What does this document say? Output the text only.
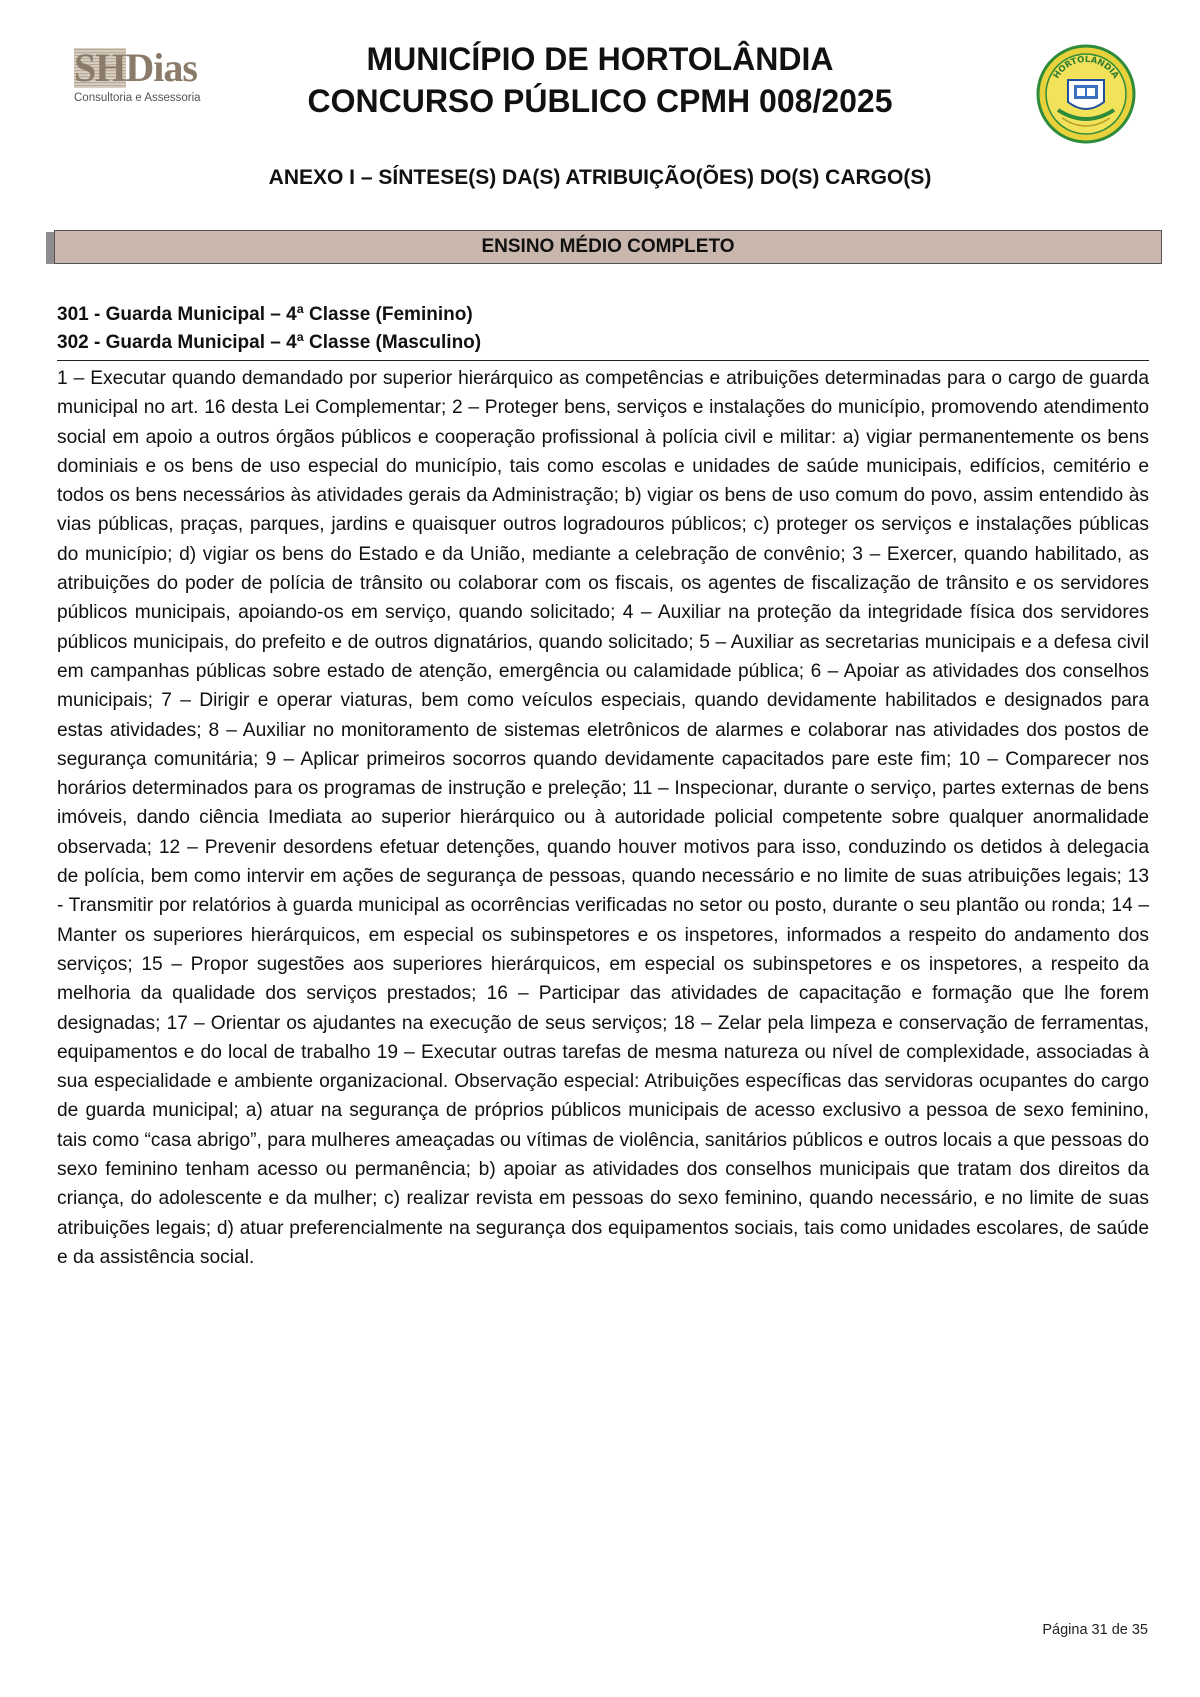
SHDias
Consultoria e Assessoria
MUNICÍPIO DE HORTOLÂNDIA
CONCURSO PÚBLICO CPMH 008/2025
HORTOLÂNDIA
ANEXO I – SÍNTESE(S) DA(S) ATRIBUIÇÃO(ÕES) DO(S) CARGO(S)
ENSINO MÉDIO COMPLETO
301 - Guarda Municipal – 4ª Classe (Feminino)
302 - Guarda Municipal – 4ª Classe (Masculino)
1 – Executar quando demandado por superior hierárquico as competências e atribuições determinadas para o cargo de guarda municipal no art. 16 desta Lei Complementar; 2 – Proteger bens, serviços e instalações do município, promovendo atendimento social em apoio a outros órgãos públicos e cooperação profissional à polícia civil e militar: a) vigiar permanentemente os bens dominiais e os bens de uso especial do município, tais como escolas e unidades de saúde municipais, edifícios, cemitério e todos os bens necessários às atividades gerais da Administração; b) vigiar os bens de uso comum do povo, assim entendido às vias públicas, praças, parques, jardins e quaisquer outros logradouros públicos; c) proteger os serviços e instalações públicas do município; d) vigiar os bens do Estado e da União, mediante a celebração de convênio; 3 – Exercer, quando habilitado, as atribuições do poder de polícia de trânsito ou colaborar com os fiscais, os agentes de fiscalização de trânsito e os servidores públicos municipais, apoiando-os em serviço, quando solicitado; 4 – Auxiliar na proteção da integridade física dos servidores públicos municipais, do prefeito e de outros dignatários, quando solicitado; 5 – Auxiliar as secretarias municipais e a defesa civil em campanhas públicas sobre estado de atenção, emergência ou calamidade pública; 6 – Apoiar as atividades dos conselhos municipais; 7 – Dirigir e operar viaturas, bem como veículos especiais, quando devidamente habilitados e designados para estas atividades; 8 – Auxiliar no monitoramento de sistemas eletrônicos de alarmes e colaborar nas atividades dos postos de segurança comunitária; 9 – Aplicar primeiros socorros quando devidamente capacitados pare este fim; 10 – Comparecer nos horários determinados para os programas de instrução e preleção; 11 – Inspecionar, durante o serviço, partes externas de bens imóveis, dando ciência Imediata ao superior hierárquico ou à autoridade policial competente sobre qualquer anormalidade observada; 12 – Prevenir desordens efetuar detenções, quando houver motivos para isso, conduzindo os detidos à delegacia de polícia, bem como intervir em ações de segurança de pessoas, quando necessário e no limite de suas atribuições legais; 13 - Transmitir por relatórios à guarda municipal as ocorrências verificadas no setor ou posto, durante o seu plantão ou ronda; 14 – Manter os superiores hierárquicos, em especial os subinspetores e os inspetores, informados a respeito do andamento dos serviços; 15 – Propor sugestões aos superiores hierárquicos, em especial os subinspetores e os inspetores, a respeito da melhoria da qualidade dos serviços prestados; 16 – Participar das atividades de capacitação e formação que lhe forem designadas; 17 – Orientar os ajudantes na execução de seus serviços; 18 – Zelar pela limpeza e conservação de ferramentas, equipamentos e do local de trabalho 19 – Executar outras tarefas de mesma natureza ou nível de complexidade, associadas à sua especialidade e ambiente organizacional. Observação especial: Atribuições específicas das servidoras ocupantes do cargo de guarda municipal; a) atuar na segurança de próprios públicos municipais de acesso exclusivo a pessoa de sexo feminino, tais como “casa abrigo”, para mulheres ameaçadas ou vítimas de violência, sanitários públicos e outros locais a que pessoas do sexo feminino tenham acesso ou permanência; b) apoiar as atividades dos conselhos municipais que tratam dos direitos da criança, do adolescente e da mulher; c) realizar revista em pessoas do sexo feminino, quando necessário, e no limite de suas atribuições legais; d) atuar preferencialmente na segurança dos equipamentos sociais, tais como unidades escolares, de saúde e da assistência social.
Página 31 de 35
